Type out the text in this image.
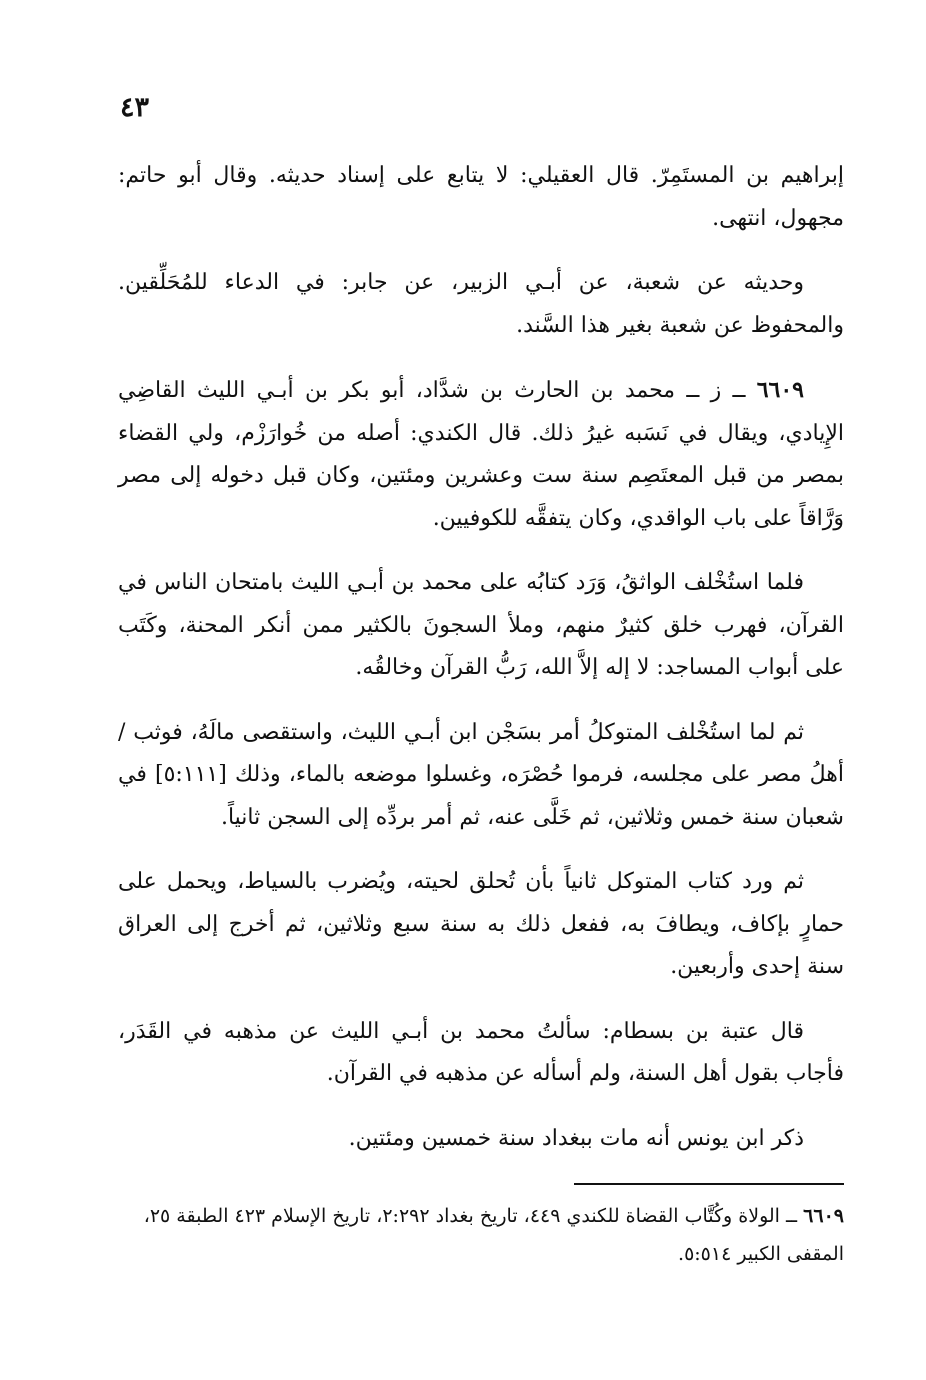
٤٣

إبراهيم بن المستَمِرّ. قال العقيلي: لا يتابع على إسناد حديثه. وقال أبو حاتم: مجهول، انتهى.

وحديثه عن شعبة، عن أبـي الزبير، عن جابر: في الدعاء للمُحَلِّقين. والمحفوظ عن شعبة بغير هذا السَّند.

٦٦٠٩ ــ ز ــ محمد بن الحارث بن شدَّاد، أبو بكر بن أبـي الليث القاضِي الإِيادي، ويقال في نَسَبه غيرُ ذلك. قال الكندي: أصله من خُوارَزْم، ولي القضاء بمصر من قبل المعتَصِم سنة ست وعشرين ومئتين، وكان قبل دخوله إلى مصر وَرَّاقاً على باب الواقدي، وكان يتفقَّه للكوفيين.

فلما استُخْلف الواثقُ، وَرَد كتابُه على محمد بن أبـي الليث بامتحان الناس في القرآن، فهرب خلق كثيرٌ منهم، وملأ السجونَ بالكثير ممن أنكر المحنة، وكَتَب على أبواب المساجد: لا إله إلاَّ الله، رَبُّ القرآن وخالقُه.

ثم لما استُخْلف المتوكلُ أمر بسَجْن ابن أبـي الليث، واستقصى مالَهُ، فوثب / أهلُ مصر على مجلسه، فرموا حُصْرَه، وغسلوا موضعه بالماء، وذلك [٥:١١١] في شعبان سنة خمس وثلاثين، ثم خَلَّى عنه، ثم أمر بردِّه إلى السجن ثانياً.

ثم ورد كتاب المتوكل ثانياً بأن تُحلق لحيته، ويُضرب بالسياط، ويحمل على حمارٍ بإكاف، ويطافَ به، ففعل ذلك به سنة سبع وثلاثين، ثم أخرج إلى العراق سنة إحدى وأربعين.

قال عتبة بن بسطام: سألتُ محمد بن أبـي الليث عن مذهبه في القَدَر، فأجاب بقول أهل السنة، ولم أسأله عن مذهبه في القرآن.

ذكر ابن يونس أنه مات ببغداد سنة خمسين ومئتين.

٦٦٠٩ ــ الولاة وكُتَّاب القضاة للكندي ٤٤٩، تاريخ بغداد ٢:٢٩٢، تاريخ الإسلام ٤٢٣ الطبقة ٢٥، المقفى الكبير ٥:٥١٤.
